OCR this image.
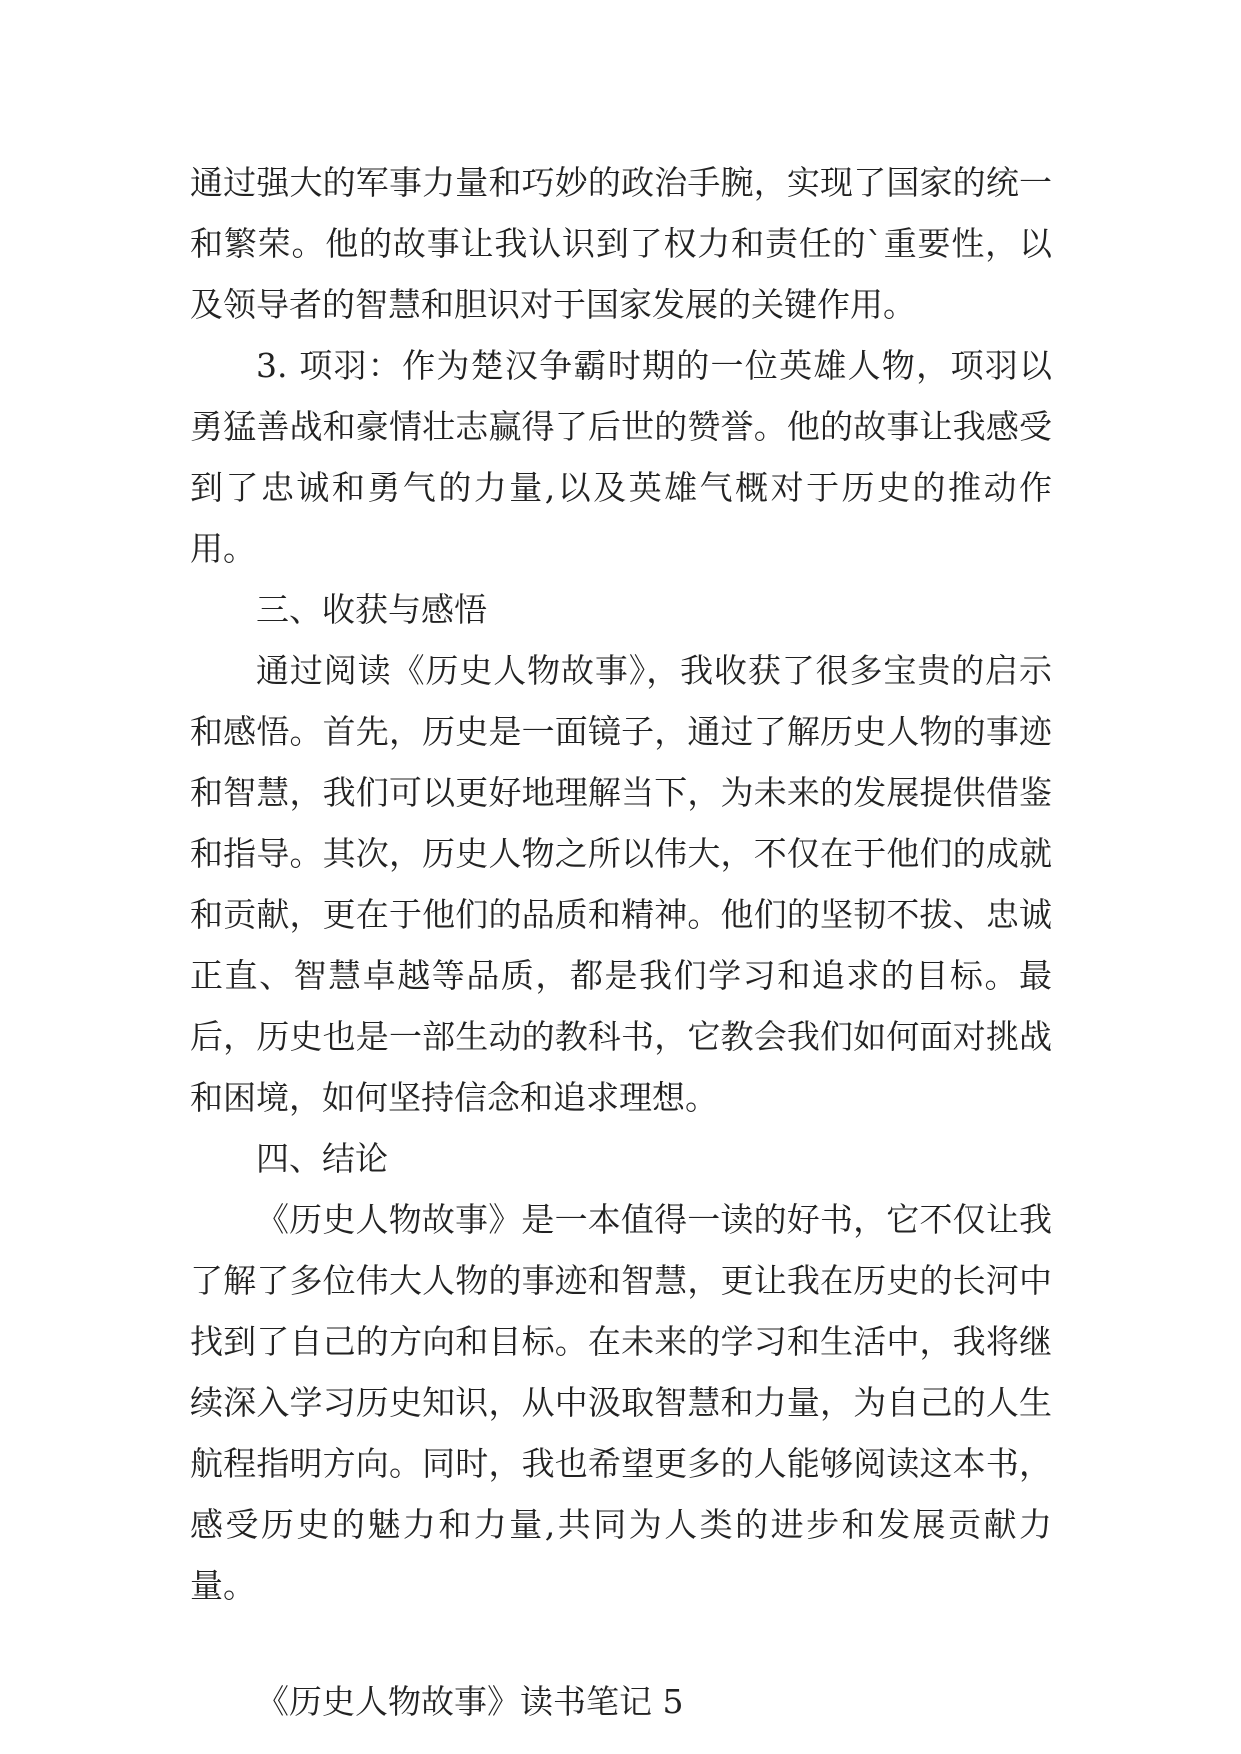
通过强大的军事力量和巧妙的政治手腕，实现了国家的统一和繁荣。他的故事让我认识到了权力和责任的`重要性，以及领导者的智慧和胆识对于国家发展的关键作用。

3. 项羽：作为楚汉争霸时期的一位英雄人物，项羽以勇猛善战和豪情壮志赢得了后世的赞誉。他的故事让我感受到了忠诚和勇气的力量,以及英雄气概对于历史的推动作用。

三、收获与感悟

通过阅读《历史人物故事》，我收获了很多宝贵的启示和感悟。首先，历史是一面镜子，通过了解历史人物的事迹和智慧，我们可以更好地理解当下，为未来的发展提供借鉴和指导。其次，历史人物之所以伟大，不仅在于他们的成就和贡献，更在于他们的品质和精神。他们的坚韧不拔、忠诚正直、智慧卓越等品质，都是我们学习和追求的目标。最后，历史也是一部生动的教科书，它教会我们如何面对挑战和困境，如何坚持信念和追求理想。

四、结论

《历史人物故事》是一本值得一读的好书，它不仅让我了解了多位伟大人物的事迹和智慧，更让我在历史的长河中找到了自己的方向和目标。在未来的学习和生活中，我将继续深入学习历史知识，从中汲取智慧和力量，为自己的人生航程指明方向。同时，我也希望更多的人能够阅读这本书，感受历史的魅力和力量,共同为人类的进步和发展贡献力量。

《历史人物故事》读书笔记 5
